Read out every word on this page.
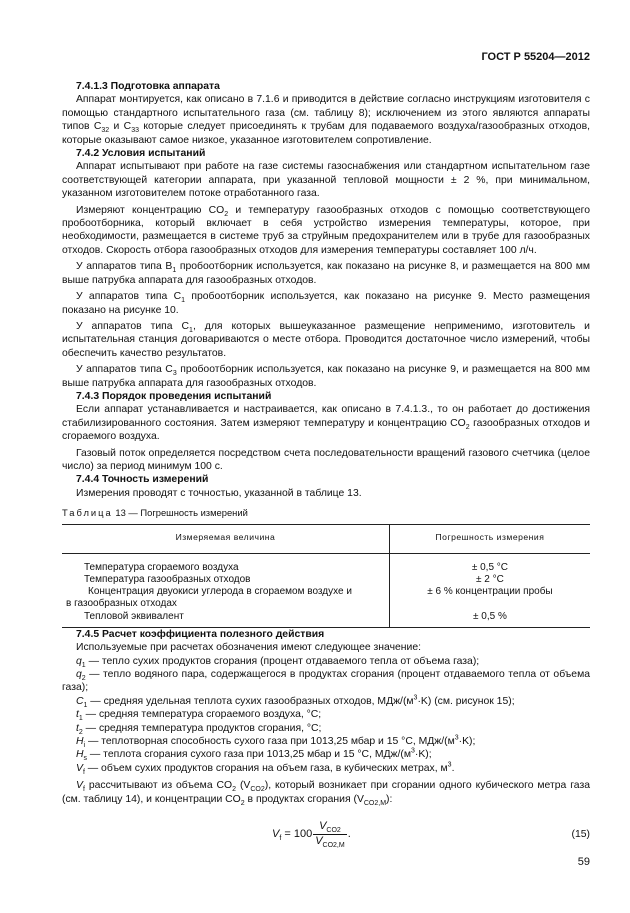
ГОСТ Р 55204—2012

7.4.1.3 Подготовка аппарата

Аппарат монтируется, как описано в 7.1.6 и приводится в действие согласно инструкциям изготовителя с помощью стандартного испытательного газа (см. таблицу 8); исключением из этого являются аппараты типов $C_{32}$ и $C_{33}$ которые следует присоединять к трубам для подаваемого воздуха/газообразных отходов, которые оказывают самое низкое, указанное изготовителем сопротивление.

7.4.2 Условия испытаний

Аппарат испытывают при работе на газе системы газоснабжения или стандартном испытательном газе соответствующей категории аппарата, при указанной тепловой мощности ± 2 %, при минимальном, указанном изготовителем потоке отработанного газа.

Измеряют концентрацию $CO_2$ и температуру газообразных отходов с помощью соответствующего пробоотборника, который включает в себя устройство измерения температуры, которое, при необходимости, размещается в системе труб за струйным предохранителем или в трубе для газообразных отходов. Скорость отбора газообразных отходов для измерения температуры составляет 100 л/ч.

У аппаратов типа $B_1$ пробоотборник используется, как показано на рисунке 8, и размещается на 800 мм выше патрубка аппарата для газообразных отходов.

У аппаратов типа $C_1$ пробоотборник используется, как показано на рисунке 9. Место размещения показано на рисунке 10.

У аппаратов типа $C_1$, для которых вышеуказанное размещение неприменимо, изготовитель и испытательная станция договариваются о месте отбора. Проводится достаточное число измерений, чтобы обеспечить качество результатов.

У аппаратов типа $C_3$ пробоотборник используется, как показано на рисунке 9, и размещается на 800 мм выше патрубка аппарата для газообразных отходов.

7.4.3 Порядок проведения испытаний

Если аппарат устанавливается и настраивается, как описано в 7.4.1.3., то он работает до достижения стабилизированного состояния. Затем измеряют температуру и концентрацию $CO_2$ газообразных отходов и сгораемого воздуха.

Газовый поток определяется посредством счета последовательности вращений газового счетчика (целое число) за период минимум 100 с.

7.4.4 Точность измерений

Измерения проводят с точностью, указанной в таблице 13.

Таблица 13 — Погрешность измерений

Измеряемая величина	Погрешность измерения
Температура сгораемого воздуха	± 0,5 °C
Температура газообразных отходов	± 2 °C

Концентрация двуокиси углерода в сгораемом воздухе и
в газообразных отходах	± 6 % концентрации пробы
Тепловой эквивалент	± 0,5 %

7.4.5 Расчет коэффициента полезного действия

Используемые при расчетах обозначения имеют следующее значение:

$q_1$ — тепло сухих продуктов сгорания (процент отдаваемого тепла от объема газа);

$q_2$ — тепло водяного пара, содержащегося в продуктах сгорания (процент отдаваемого тепла от объема газа);

$C_1$ — средняя удельная теплота сухих газообразных отходов, МДж/$(м^3\cdot K)$ (см. рисунок 15);

$t_1$ — средняя температура сгораемого воздуха, °C;

$t_2$ — средняя температура продуктов сгорания, °C;

$H_i$ — теплотворная способность сухого газа при 1013,25 мбар и 15 °C, МДж/$(м^3\cdot K)$;

$H_s$ — теплота сгорания сухого газа при 1013,25 мбар и 15 °C, МДж/$(м^3\cdot K)$;

$V_f$ — объем сухих продуктов сгорания на объем газа, в кубических метрах, $м^3$.

$V_f$ рассчитывают из объема $CO_2$ $(V_{CO2})$, который возникает при сгорании одного кубического метра газа (см. таблицу 14), и концентрации $CO_2$ в продуктах сгорания $(V_{CO2,M})$:

$V_f = 100 \frac{V_{CO2}}{V_{CO2,M}}$ .	(15)
59
